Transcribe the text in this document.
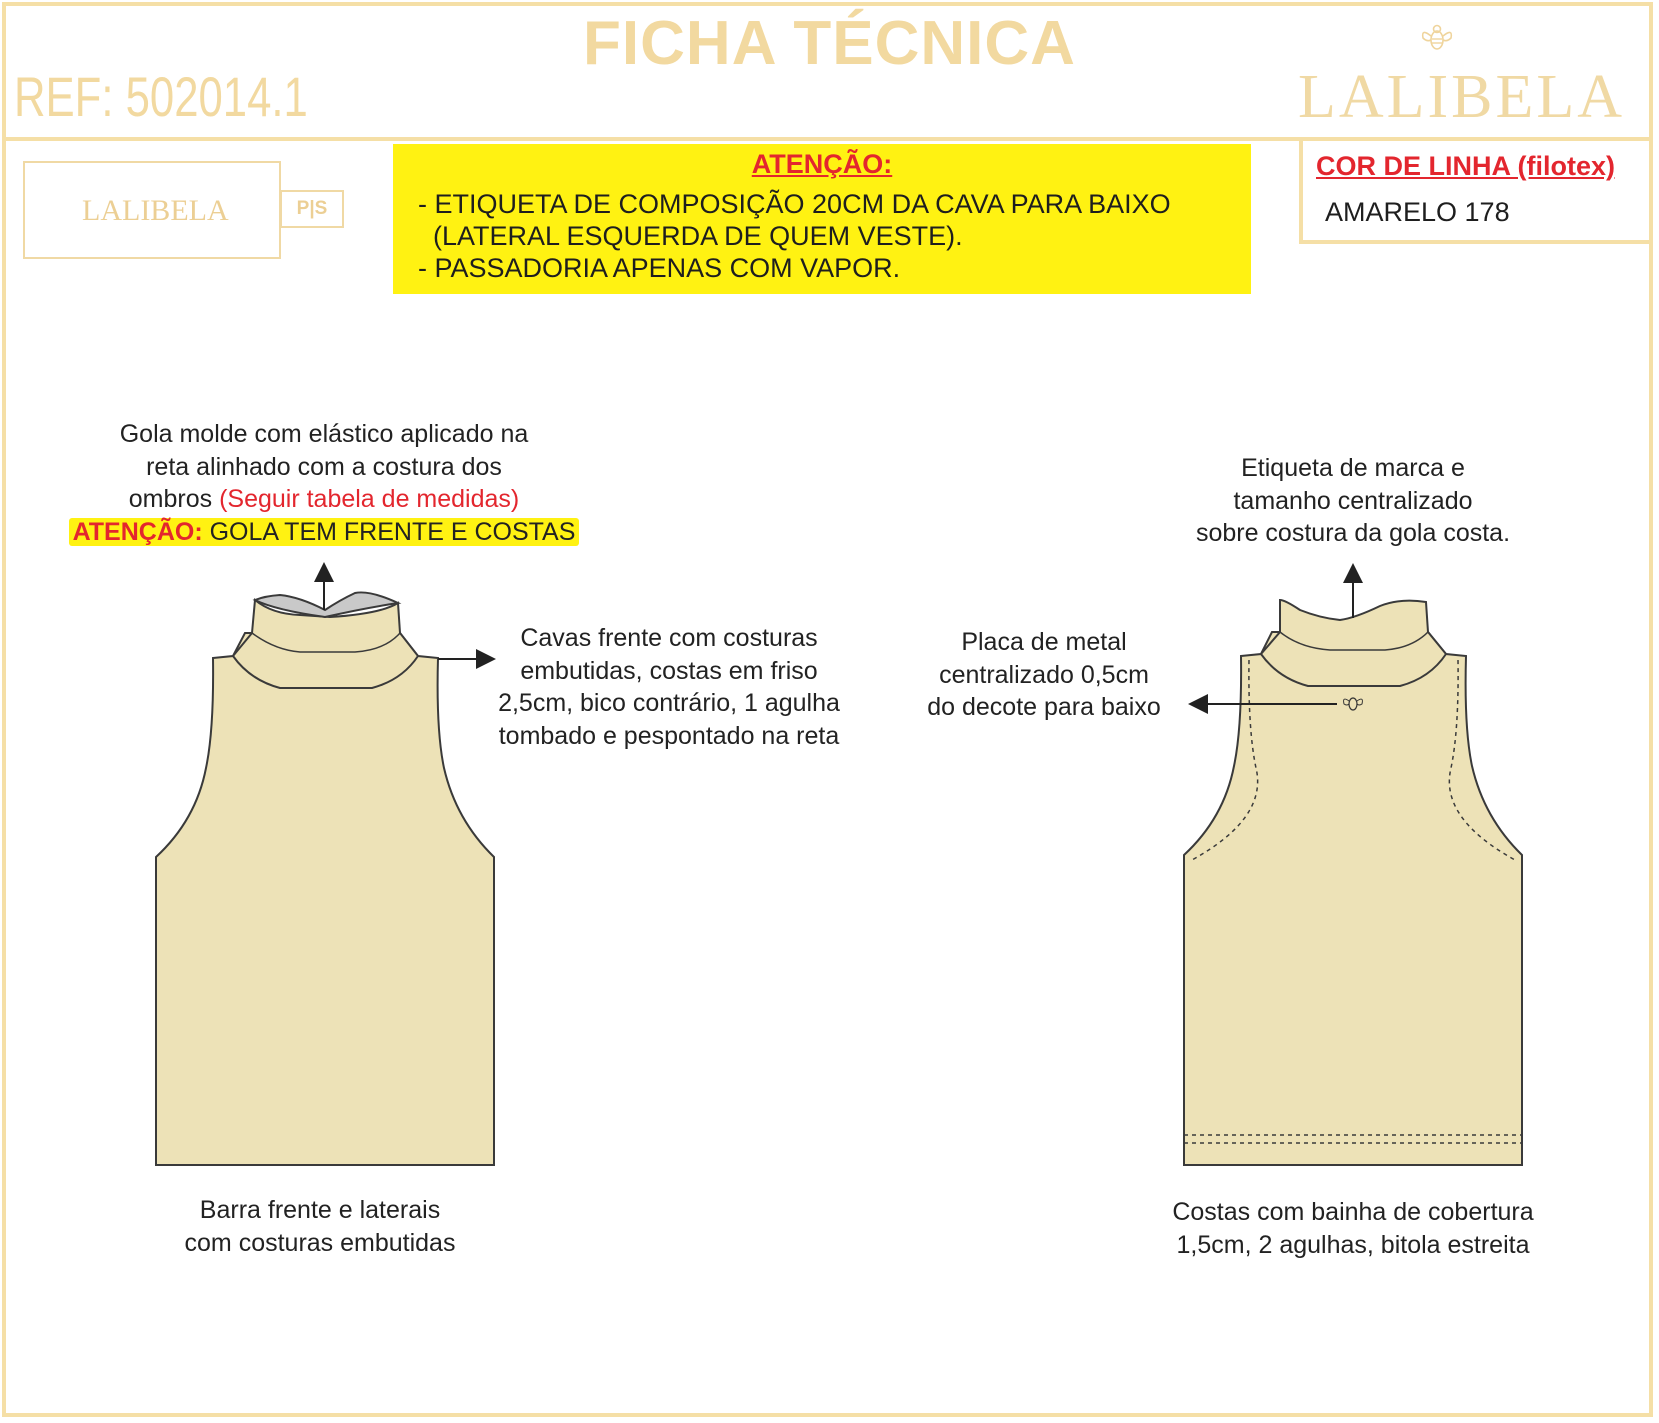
FICHA TÉCNICA
REF: 502014.1	LALIBELA
LALIBELA	P|S
ATENÇÃO:
- ETIQUETA DE COMPOSIÇÃO 20CM DA CAVA PARA BAIXO
(LATERAL ESQUERDA DE QUEM VESTE).
- PASSADORIA APENAS COM VAPOR.
COR DE LINHA (filotex)
AMARELO 178
Gola molde com elástico aplicado na
reta alinhado com a costura dos
ombros (Seguir tabela de medidas)
ATENÇÃO: GOLA TEM FRENTE E COSTAS
Cavas frente com costuras
embutidas, costas em friso
2,5cm, bico contrário, 1 agulha
tombado e pespontado na reta
Barra frente e laterais
com costuras embutidas
Placa de metal
centralizado 0,5cm
do decote para baixo
Etiqueta de marca e
tamanho centralizado
sobre costura da gola costa.
Costas com bainha de cobertura
1,5cm, 2 agulhas, bitola estreita
